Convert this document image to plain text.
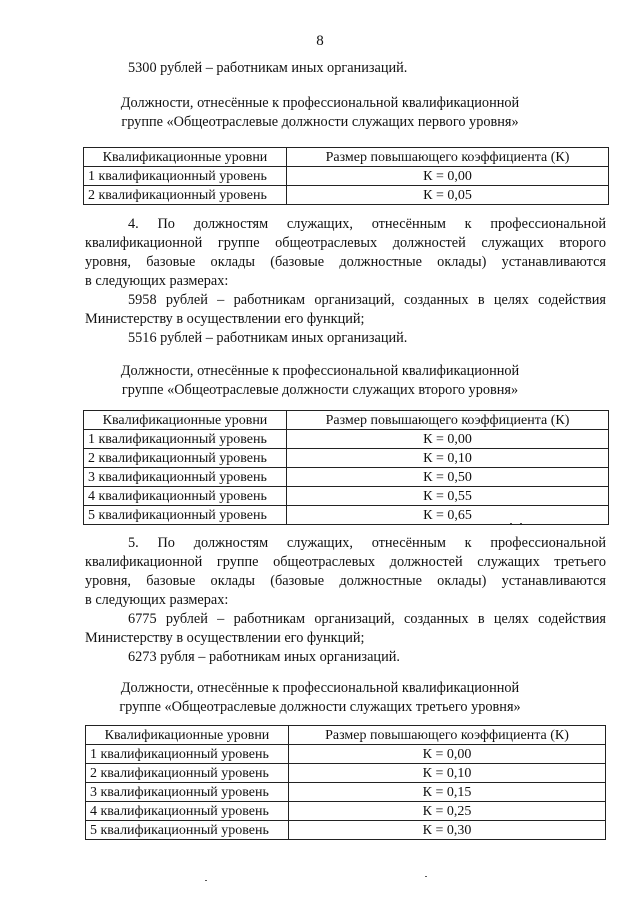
8
5300 рублей – работникам иных организаций.
Должности, отнесённые к профессиональной квалификационной
группе «Общеотраслевые должности служащих первого уровня»
Квалификационные уровни	Размер повышающего коэффициента (К)
1 квалификационный уровень	К = 0,00
2 квалификационный уровень	К = 0,05
4. По должностям служащих, отнесённым к профессиональной
квалификационной группе общеотраслевых должностей служащих второго
уровня, базовые оклады (базовые должностные оклады) устанавливаются
в следующих размерах:
5958 рублей – работникам организаций, созданных в целях содействия
Министерству в осуществлении его функций;
5516 рублей – работникам иных организаций.
Должности, отнесённые к профессиональной квалификационной
группе «Общеотраслевые должности служащих второго уровня»
Квалификационные уровни	Размер повышающего коэффициента (К)
1 квалификационный уровень	К = 0,00
2 квалификационный уровень	К = 0,10
3 квалификационный уровень	К = 0,50
4 квалификационный уровень	К = 0,55
5 квалификационный уровень	К = 0,65
5. По должностям служащих, отнесённым к профессиональной
квалификационной группе общеотраслевых должностей служащих третьего
уровня, базовые оклады (базовые должностные оклады) устанавливаются
в следующих размерах:
6775 рублей – работникам организаций, созданных в целях содействия
Министерству в осуществлении его функций;
6273 рубля – работникам иных организаций.
Должности, отнесённые к профессиональной квалификационной
группе «Общеотраслевые должности служащих третьего уровня»
Квалификационные уровни	Размер повышающего коэффициента (К)
1 квалификационный уровень	К = 0,00
2 квалификационный уровень	К = 0,10
3 квалификационный уровень	К = 0,15
4 квалификационный уровень	К = 0,25
5 квалификационный уровень	К = 0,30
